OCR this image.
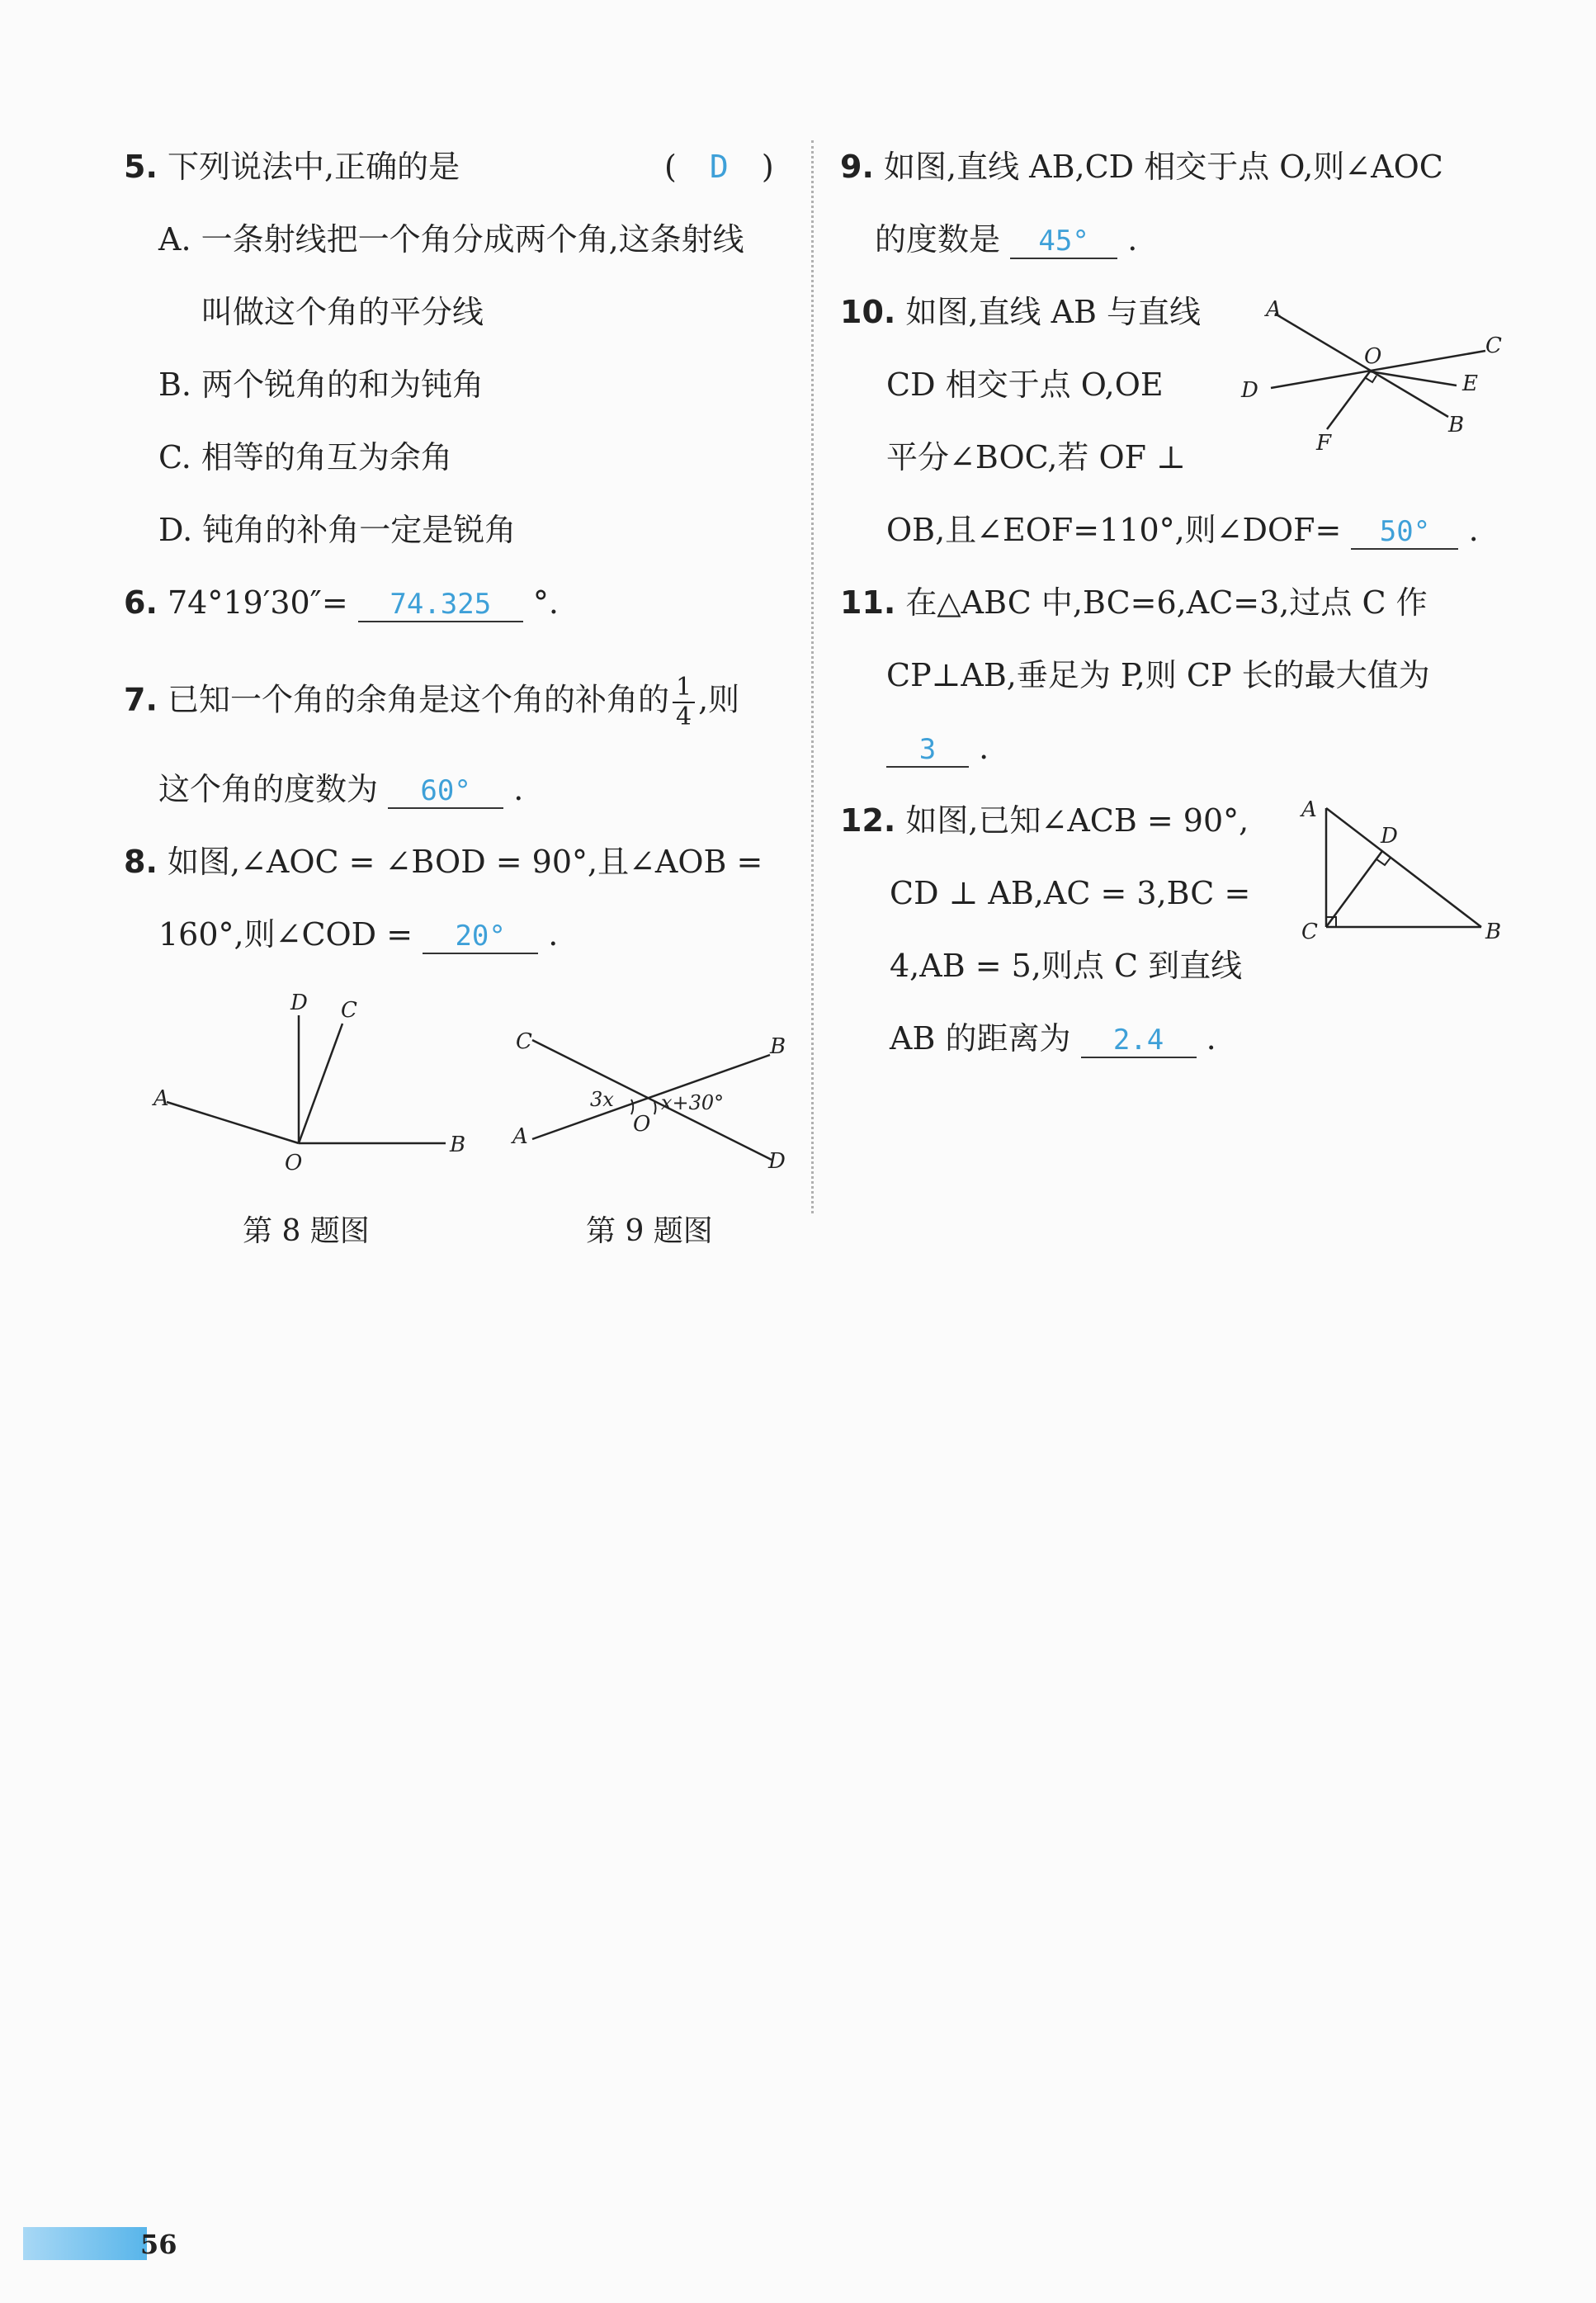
5. 下列说法中,正确的是	( D )
A. 一条射线把一个角分成两个角,这条射线
叫做这个角的平分线
B. 两个锐角的和为钝角
C. 相等的角互为余角
D. 钝角的补角一定是锐角
6. 74°19′30″= 74.325 °.
7. 已知一个角的余角是这个角的补角的 $\frac{1}{4}$ ,则
这个角的度数为 60° .
8. 如图,∠AOC = ∠BOD = 90°,且∠AOB =
160°,则∠COD = 20° .
D C
A
O
B
第 8 题图
C	B
A
D
O
3x x+30°
第 9 题图
9. 如图,直线 AB,CD 相交于点 O,则∠AOC
的度数是 45° .
10. 如图,直线 AB 与直线
CD 相交于点 O,OE
平分∠BOC,若 OF ⊥
OB,且∠EOF=110°,则∠DOF= 50° .
A
O	C
D	E
B
F
11. 在△ABC 中,BC=6,AC=3,过点 C 作
CP⊥AB,垂足为 P,则 CP 长的最大值为
3 .
12. 如图,已知∠ACB = 90°,
CD ⊥ AB,AC = 3,BC =
4,AB = 5,则点 C 到直线
AB 的距离为 2.4 .
A
D
C	B
56
